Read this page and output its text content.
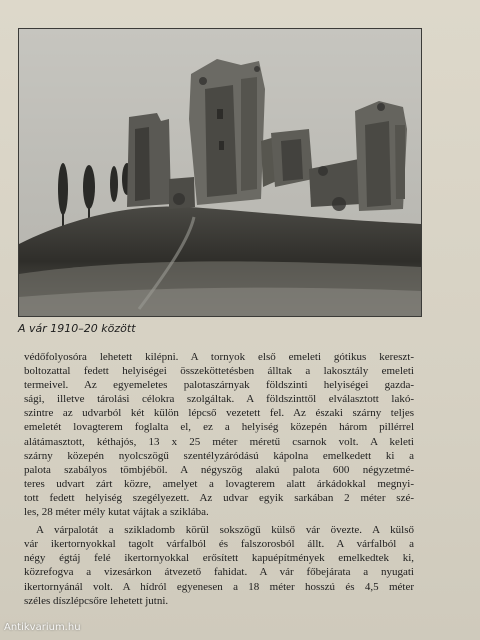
A vár 1910–20 között
védőfolyosóra lehetett kilépni. A tornyok első emeleti gótikus kereszt-
boltozattal fedett helyiségei összeköttetésben álltak a lakosztály emeleti
termeivel. Az egyemeletes palotaszárnyak földszinti helyiségei gazda-
sági, illetve tárolási célokra szolgáltak. A földszinttől elválasztott lakó-
szintre az udvarból két külön lépcső vezetett fel. Az északi szárny teljes
emeletét lovagterem foglalta el, ez a helyiség közepén három pillérrel
alátámasztott, kéthajós, 13 x 25 méter méretű csarnok volt. A keleti
szárny közepén nyolcszögű szentélyzáródású kápolna emelkedett ki a
palota szabályos tömbjéből. A négyszög alakú palota 600 négyzetmé-
teres udvart zárt közre, amelyet a lovagterem alatt árkádokkal megnyi-
tott fedett helyiség szegélyezett. Az udvar egyik sarkában 2 méter szé-
les, 28 méter mély kutat vájtak a sziklába.
A várpalotát a szikladomb körül sokszögű külső vár övezte. A külső
vár ikertornyokkal tagolt várfalból és falszorosból állt. A várfalból a
négy égtáj felé ikertornyokkal erősített kapuépítmények emelkedtek ki,
közrefogva a vizesárkon átvezető fahidat. A vár főbejárata a nyugati
ikertornyánál volt. A hídról egyenesen a 18 méter hosszú és 4,5 méter
széles díszlépcsőre lehetett jutni.
Antikvarium.hu
